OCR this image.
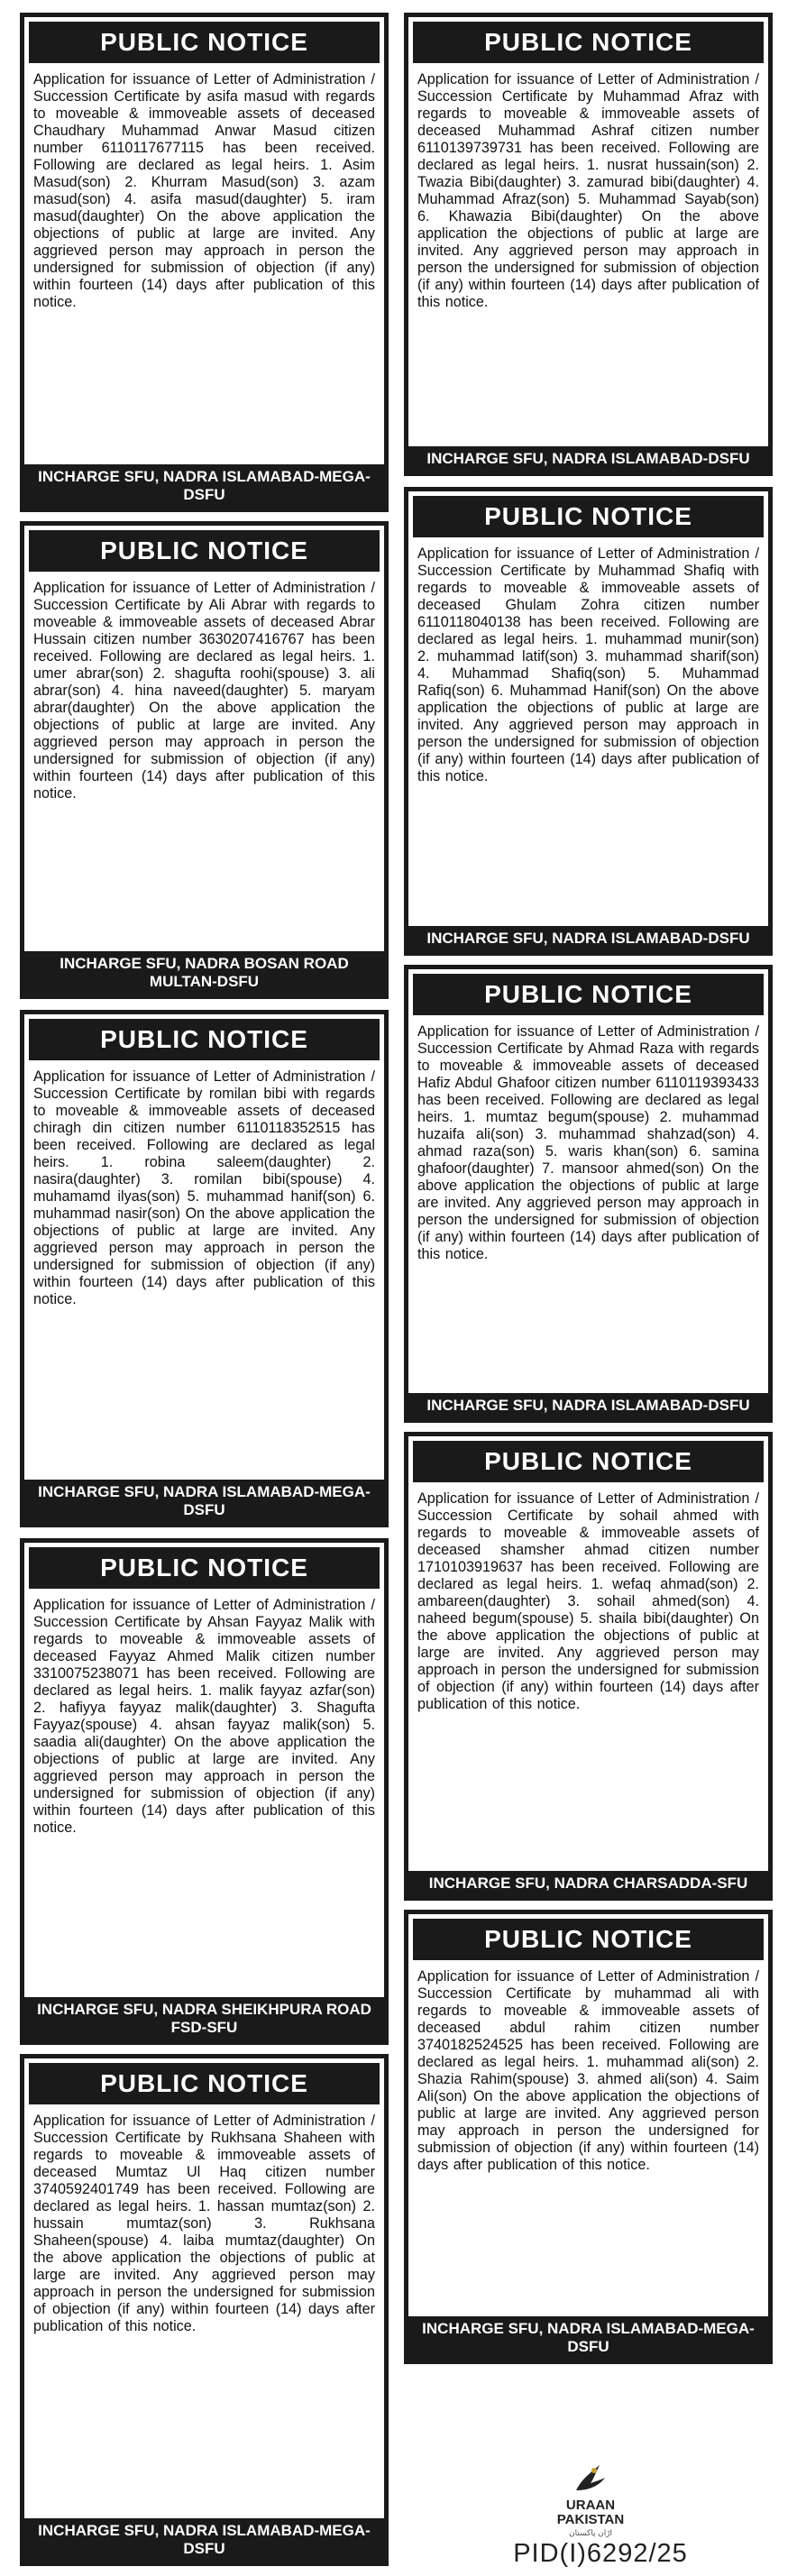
PUBLIC NOTICE
Application for issuance of Letter of Administration / Succession Certificate by asifa masud with regards to moveable & immoveable assets of deceased Chaudhary Muhammad Anwar Masud citizen number 6110117677115 has been received. Following are declared as legal heirs. 1. Asim Masud(son) 2. Khurram Masud(son) 3. azam masud(son) 4. asifa masud(daughter) 5. iram masud(daughter) On the above application the objections of public at large are invited. Any aggrieved person may approach in person the undersigned for submission of objection (if any) within fourteen (14) days after publication of this notice.
INCHARGE SFU, NADRA ISLAMABAD-MEGA-DSFU
PUBLIC NOTICE
Application for issuance of Letter of Administration / Succession Certificate by Ali Abrar with regards to moveable & immoveable assets of deceased Abrar Hussain citizen number 3630207416767 has been received. Following are declared as legal heirs. 1. umer abrar(son) 2. shagufta roohi(spouse) 3. ali abrar(son) 4. hina naveed(daughter) 5. maryam abrar(daughter) On the above application the objections of public at large are invited. Any aggrieved person may approach in person the undersigned for submission of objection (if any) within fourteen (14) days after publication of this notice.
INCHARGE SFU, NADRA BOSAN ROAD MULTAN-DSFU
PUBLIC NOTICE
Application for issuance of Letter of Administration / Succession Certificate by romilan bibi with regards to moveable & immoveable assets of deceased chiragh din citizen number 6110118352515 has been received. Following are declared as legal heirs. 1. robina saleem(daughter) 2. nasira(daughter) 3. romilan bibi(spouse) 4. muhamamd ilyas(son) 5. muhammad hanif(son) 6. muhammad nasir(son) On the above application the objections of public at large are invited. Any aggrieved person may approach in person the undersigned for submission of objection (if any) within fourteen (14) days after publication of this notice.
INCHARGE SFU, NADRA ISLAMABAD-MEGA-DSFU
PUBLIC NOTICE
Application for issuance of Letter of Administration / Succession Certificate by Ahsan Fayyaz Malik with regards to moveable & immoveable assets of deceased Fayyaz Ahmed Malik citizen number 3310075238071 has been received. Following are declared as legal heirs. 1. malik fayyaz azfar(son) 2. hafiyya fayyaz malik(daughter) 3. Shagufta Fayyaz(spouse) 4. ahsan fayyaz malik(son) 5. saadia ali(daughter) On the above application the objections of public at large are invited. Any aggrieved person may approach in person the undersigned for submission of objection (if any) within fourteen (14) days after publication of this notice.
INCHARGE SFU, NADRA SHEIKHPURA ROAD FSD-SFU
PUBLIC NOTICE
Application for issuance of Letter of Administration / Succession Certificate by Rukhsana Shaheen with regards to moveable & immoveable assets of deceased Mumtaz Ul Haq citizen number 3740592401749 has been received. Following are declared as legal heirs. 1. hassan mumtaz(son) 2. hussain mumtaz(son) 3. Rukhsana Shaheen(spouse) 4. laiba mumtaz(daughter) On the above application the objections of public at large are invited. Any aggrieved person may approach in person the undersigned for submission of objection (if any) within fourteen (14) days after publication of this notice.
INCHARGE SFU, NADRA ISLAMABAD-MEGA-DSFU
PUBLIC NOTICE
Application for issuance of Letter of Administration / Succession Certificate by Muhammad Afraz with regards to moveable & immoveable assets of deceased Muhammad Ashraf citizen number 6110139739731 has been received. Following are declared as legal heirs. 1. nusrat hussain(son) 2. Twazia Bibi(daughter) 3. zamurad bibi(daughter) 4. Muhammad Afraz(son) 5. Muhammad Sayab(son) 6. Khawazia Bibi(daughter) On the above application the objections of public at large are invited. Any aggrieved person may approach in person the undersigned for submission of objection (if any) within fourteen (14) days after publication of this notice.
INCHARGE SFU, NADRA ISLAMABAD-DSFU
PUBLIC NOTICE
Application for issuance of Letter of Administration / Succession Certificate by Muhammad Shafiq with regards to moveable & immoveable assets of deceased Ghulam Zohra citizen number 6110118040138 has been received. Following are declared as legal heirs. 1. muhammad munir(son) 2. muhammad latif(son) 3. muhammad sharif(son) 4. Muhammad Shafiq(son) 5. Muhammad Rafiq(son) 6. Muhammad Hanif(son) On the above application the objections of public at large are invited. Any aggrieved person may approach in person the undersigned for submission of objection (if any) within fourteen (14) days after publication of this notice.
INCHARGE SFU, NADRA ISLAMABAD-DSFU
PUBLIC NOTICE
Application for issuance of Letter of Administration / Succession Certificate by Ahmad Raza with regards to moveable & immoveable assets of deceased Hafiz Abdul Ghafoor citizen number 6110119393433 has been received. Following are declared as legal heirs. 1. mumtaz begum(spouse) 2. muhammad huzaifa ali(son) 3. muhammad shahzad(son) 4. ahmad raza(son) 5. waris khan(son) 6. samina ghafoor(daughter) 7. mansoor ahmed(son) On the above application the objections of public at large are invited. Any aggrieved person may approach in person the undersigned for submission of objection (if any) within fourteen (14) days after publication of this notice.
INCHARGE SFU, NADRA ISLAMABAD-DSFU
PUBLIC NOTICE
Application for issuance of Letter of Administration / Succession Certificate by sohail ahmed with regards to moveable & immoveable assets of deceased shamsher ahmad citizen number 1710103919637 has been received. Following are declared as legal heirs. 1. wefaq ahmad(son) 2. ambareen(daughter) 3. sohail ahmed(son) 4. naheed begum(spouse) 5. shaila bibi(daughter) On the above application the objections of public at large are invited. Any aggrieved person may approach in person the undersigned for submission of objection (if any) within fourteen (14) days after publication of this notice.
INCHARGE SFU, NADRA CHARSADDA-SFU
PUBLIC NOTICE
Application for issuance of Letter of Administration / Succession Certificate by muhammad ali with regards to moveable & immoveable assets of deceased abdul rahim citizen number 3740182524525 has been received. Following are declared as legal heirs. 1. muhammad ali(son) 2. Shazia Rahim(spouse) 3. ahmed ali(son) 4. Saim Ali(son) On the above application the objections of public at large are invited. Any aggrieved person may approach in person the undersigned for submission of objection (if any) within fourteen (14) days after publication of this notice.
INCHARGE SFU, NADRA ISLAMABAD-MEGA-DSFU
URAAN
PAKISTAN
اڑان پاکستان
PID(I)6292/25
